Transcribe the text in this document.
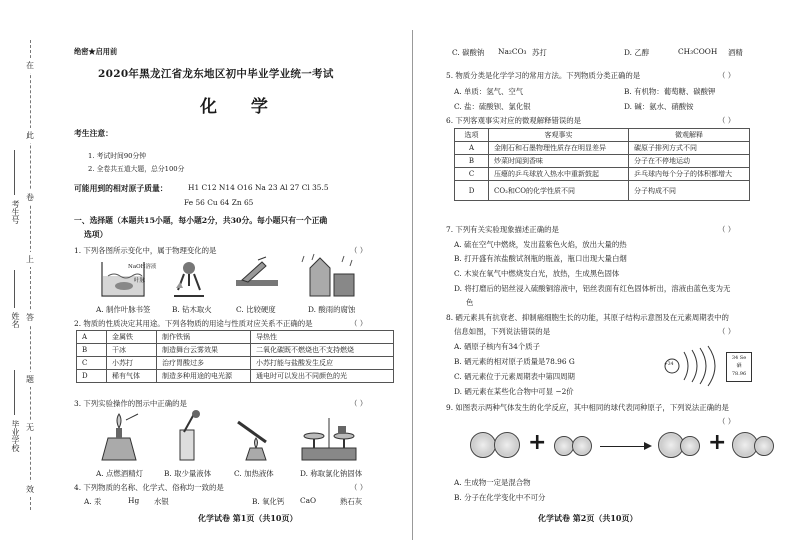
在
此
卷
上
答
题
无
效
考生号
姓名
毕业学校
绝密★启用前
2020年黑龙江省龙东地区初中毕业学业统一考试
化 学
考生注意：
1. 考试时间90分钟
2. 全卷共五道大题，总分100分
可能用到的相对原子质量：	H1 C12 N14 O16 Na 23 Al 27 Cl 35.5
Fe 56 Cu 64 Zn 65
一、选择题（本题共15小题，每小题2分，共30分。每小题只有一个正确
选项）
1. 下列各图所示变化中，属于物理变化的是	（ ）
NaOH溶液
叶脉
A. 制作叶脉书签	B. 钻木取火	C. 比较硬度	D. 酸雨的腐蚀
2. 物质的性质决定其用途。下列各物质的用途与性质对应关系不正确的是
A	金属铁	制作铁锅	导热性
B	干冰	制造舞台云雾效果	二氧化碳既不燃烧也不支持燃烧
C	小苏打	治疗胃酸过多	小苏打能与盐酸发生反应
D	稀有气体	制造多种用途的电光源	通电时可以发出不同颜色的光
（ ）
3. 下列实验操作的图示中正确的是	（ ）
A. 点燃酒精灯	B. 取少量液体	C. 加热液体	D. 称取氯化钠固体
4. 下列物质的名称、化学式、俗称均一致的是	（ ）
A. 汞	Hg 水银	B. 氧化钙 CaO	熟石灰
化学试卷 第1页（共10页）
C. 碳酸钠 Na₂CO₃ 苏打	D. 乙醇	CH₃COOH 酒精
5. 物质分类是化学学习的常用方法。下列物质分类正确的是	（ ）
A. 单质：氢气、空气	B. 有机物：葡萄糖、碳酸钾
C. 盐：硫酸钡、氯化银	D. 碱：氨水、硝酸铵
6. 下列客观事实对应的微观解释错误的是	（ ）
选项	客观事实	微观解释
A	金刚石和石墨物理性质存在明显差异	碳原子排列方式不同
B	炒菜时闻到香味	分子在不停地运动
C	压瘪的乒乓球放入热水中重新鼓起	乒乓球内每个分子的体积都增大
D	CO₂和CO的化学性质不同	分子构成不同
7. 下列有关实验现象描述正确的是	（ ）
A. 硫在空气中燃烧，发出蓝紫色火焰，放出大量的热
B. 打开盛有浓盐酸试剂瓶的瓶盖，瓶口出现大量白烟
C. 木炭在氧气中燃烧发白光，放热，生成黑色固体
D. 将打磨后的铝丝浸入硫酸铜溶液中，铝丝表面有红色固体析出，溶液由蓝色变为无
色
8. 硒元素具有抗衰老、抑制癌细胞生长的功能，其原子结构示意图及在元素周期表中的
信息如图，下列说法错误的是	（ ）
A. 硒原子核内有34个质子
B. 硒元素的相对原子质量是78.96 G
C. 硒元素位于元素周期表中第四周期
D. 硒元素在某些化合物中可显 −2价
+34
34 Se
硒
78.96
9. 如图表示两种气体发生的化学反应，其中相同的球代表同种原子，下列说法正确的是
（ ）
+	+
A. 生成物一定是混合物
B. 分子在化学变化中不可分
化学试卷 第2页（共10页）
